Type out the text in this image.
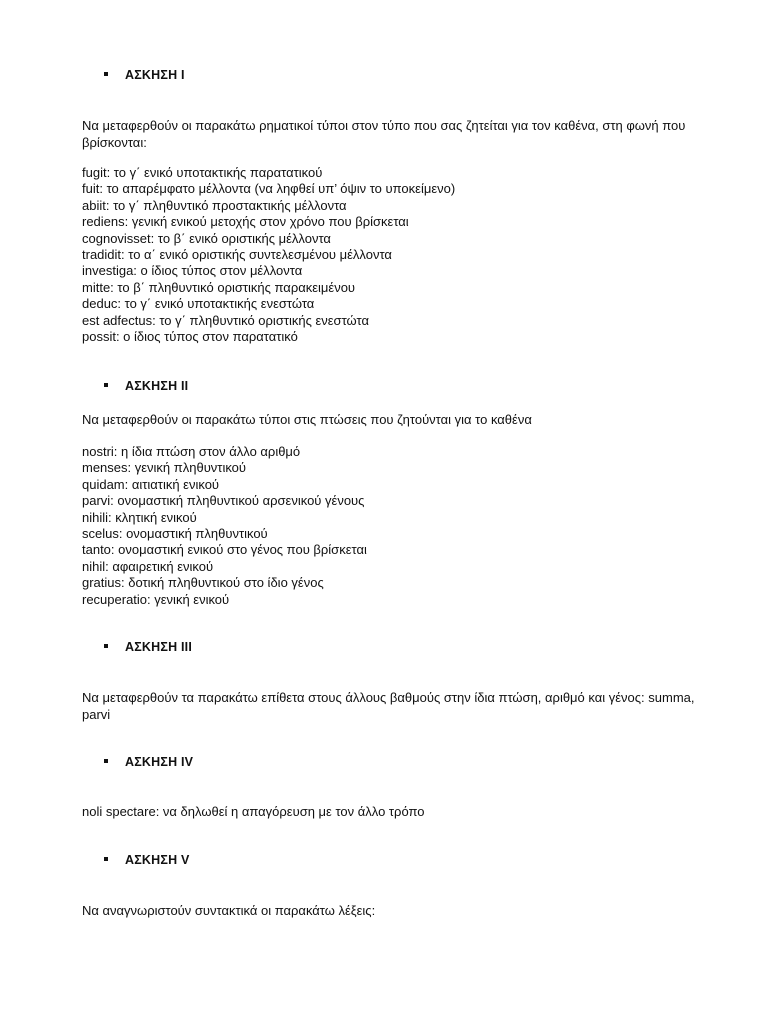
ΑΣΚΗΣΗ Ι
Να μεταφερθούν οι παρακάτω ρηματικοί τύποι στον τύπο που σας ζητείται για τον καθένα, στη φωνή που βρίσκονται:
fugit: το γ΄ ενικό υποτακτικής παρατατικού
fuit: το απαρέμφατο μέλλοντα (να ληφθεί υπ’ όψιν το υποκείμενο)
abiit: το γ΄ πληθυντικό προστακτικής μέλλοντα
rediens: γενική ενικού μετοχής στον χρόνο που βρίσκεται
cognovisset: το β΄ ενικό οριστικής μέλλοντα
tradidit: το α΄ ενικό οριστικής συντελεσμένου μέλλοντα
investiga: ο ίδιος τύπος στον μέλλοντα
mitte: το β΄ πληθυντικό οριστικής παρακειμένου
deduc: το γ΄ ενικό υποτακτικής ενεστώτα
est adfectus: το γ΄ πληθυντικό οριστικής ενεστώτα
possit: ο ίδιος τύπος στον παρατατικό
ΑΣΚΗΣΗ ΙΙ
Να μεταφερθούν οι παρακάτω τύποι στις πτώσεις που ζητούνται για το καθένα
nostri: η ίδια πτώση στον άλλο αριθμό
menses: γενική πληθυντικού
quidam: αιτιατική ενικού
parvi: ονομαστική πληθυντικού αρσενικού γένους
nihili: κλητική ενικού
scelus: ονομαστική πληθυντικού
tanto: ονομαστική ενικού στο γένος που βρίσκεται
nihil: αφαιρετική ενικού
gratius: δοτική πληθυντικού στο ίδιο γένος
recuperatio: γενική ενικού
ΑΣΚΗΣΗ ΙΙΙ
Να μεταφερθούν τα παρακάτω επίθετα στους άλλους βαθμούς στην ίδια πτώση, αριθμό και γένος: summa, parvi
ΑΣΚΗΣΗ ΙV
noli spectare: να δηλωθεί η απαγόρευση με τον άλλο τρόπο
ΑΣΚΗΣΗ V
Να αναγνωριστούν συντακτικά οι παρακάτω λέξεις:
